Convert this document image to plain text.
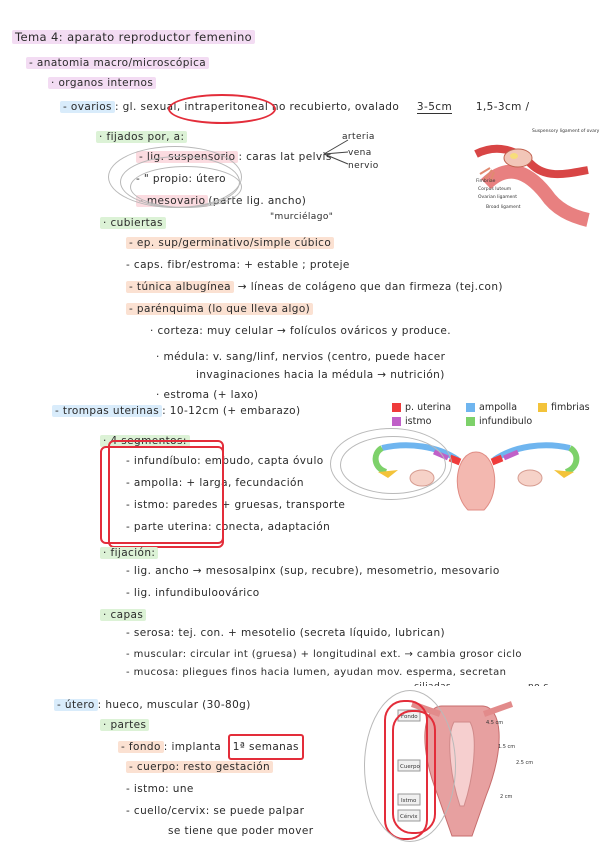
Tema 4: aparato reproductor femenino
- anatomia macro/microscópica
· organos internos
- ovarios : gl. sexual, intraperitoneal no recubierto, ovalado 3-5cm 1,5-3cm /
· fijados por, a:	arteria
vena
nervio
- lig. suspensorio : caras lat pelvis
- " propio: útero
- mesovario (parte lig. ancho)
"murciélago"
· cubiertas
- ep. sup/germinativo/simple cúbico
- caps. fibr/estroma: + estable ; proteje
- túnica albugínea → líneas de colágeno que dan firmeza (tej.con)
- parénquima (lo que lleva algo)
· corteza: muy celular → folículos ováricos y produce.
· médula: v. sang/linf, nervios (centro, puede hacer
invaginaciones hacia la médula → nutrición)
· estroma (+ laxo)
Suspensory ligament of ovary
Fimbriae
Corpus luteum
Ovarian ligament
Broad ligament
- trompas uterinas : 10-12cm (+ embarazo)	p. uterina	ampolla	fimbrias
istmo	infundibulo
· 4 segmentos:
- infundíbulo: embudo, capta óvulo
- ampolla: + larga, fecundación
- istmo: paredes + gruesas, transporte
- parte uterina: conecta, adaptación
· fijación:
- lig. ancho → mesosalpinx (sup, recubre), mesometrio, mesovario
- lig. infundibuloovárico
· capas
- serosa: tej. con. + mesotelio (secreta líquido, lubrican)
- muscular: circular int (gruesa) + longitudinal ext. → cambia grosor ciclo
- mucosa: pliegues finos hacia lumen, ayudan mov. esperma, secretan
- útero : hueco, muscular (30-80g)
· partes
- fondo : implanta 1ª semanas
- cuerpo: resto gestación
- istmo: une
- cuello/cervix: se puede palpar
se tiene que poder mover
Fondo
Cuerpo
Istmo
Cérvix
4.5 cm
1.5 cm
2.5 cm
2 cm
